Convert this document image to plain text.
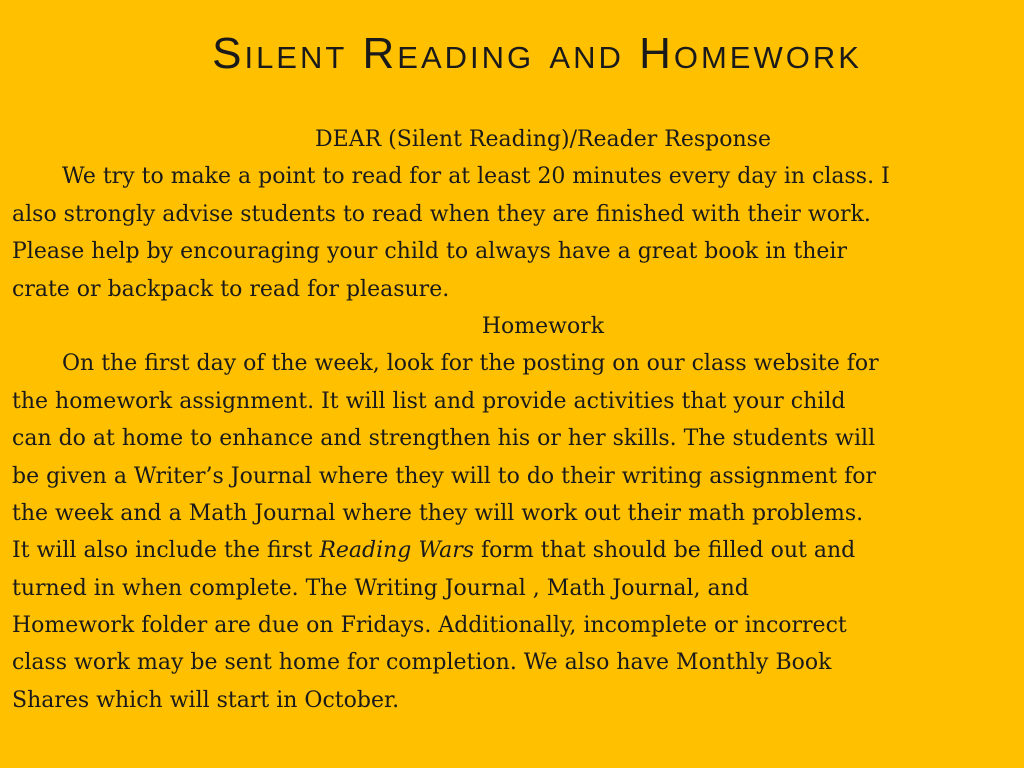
Silent Reading and Homework
DEAR (Silent Reading)/Reader Response
We try to make a point to read for at least 20 minutes every day in class. I
also strongly advise students to read when they are finished with their work.
Please help by encouraging your child to always have a great book in their
crate or backpack to read for pleasure.
Homework
On the first day of the week, look for the posting on our class website for
the homework assignment. It will list and provide activities that your child
can do at home to enhance and strengthen his or her skills. The students will
be given a Writer’s Journal where they will to do their writing assignment for
the week and a Math Journal where they will work out their math problems.
It will also include the first Reading Wars form that should be filled out and
turned in when complete. The Writing Journal , Math Journal, and
Homework folder are due on Fridays. Additionally, incomplete or incorrect
class work may be sent home for completion. We also have Monthly Book
Shares which will start in October.
